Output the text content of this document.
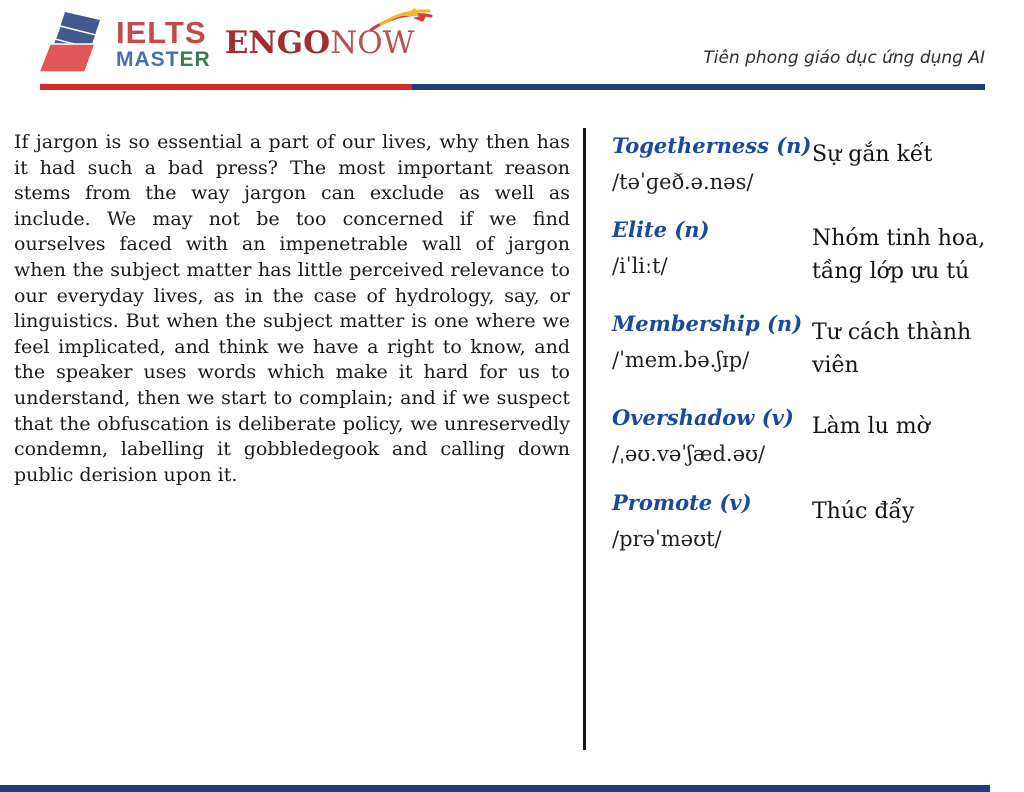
IELTS
MASTER ENGONOW	Tiên phong giáo dục ứng dụng AI

If jargon is so essential a part of our lives, why then has it had such a bad press? The most important reason stems from the way jargon can exclude as well as include. We may not be too concerned if we find ourselves faced with an impenetrable wall of jargon when the subject matter has little perceived relevance to our everyday lives, as in the case of hydrology, say, or linguistics. But when the subject matter is one where we feel implicated, and think we have a right to know, and the speaker uses words which make it hard for us to understand, then we start to complain; and if we suspect that the obfuscation is deliberate policy, we unreservedly condemn, labelling it gobbledegook and calling down public derision upon it.

Togetherness (n)
/təˈɡeð.ə.nəs/
Sự gắn kết
Elite (n)
/iˈliːt/
Nhóm tinh hoa, tầng lớp ưu tú
Membership (n)
/ˈmem.bə.ʃɪp/
Tư cách thành viên
Overshadow (v)
/ˌəʊ.vəˈʃæd.əʊ/
Làm lu mờ
Promote (v)
/prəˈməʊt/
Thúc đẩy
